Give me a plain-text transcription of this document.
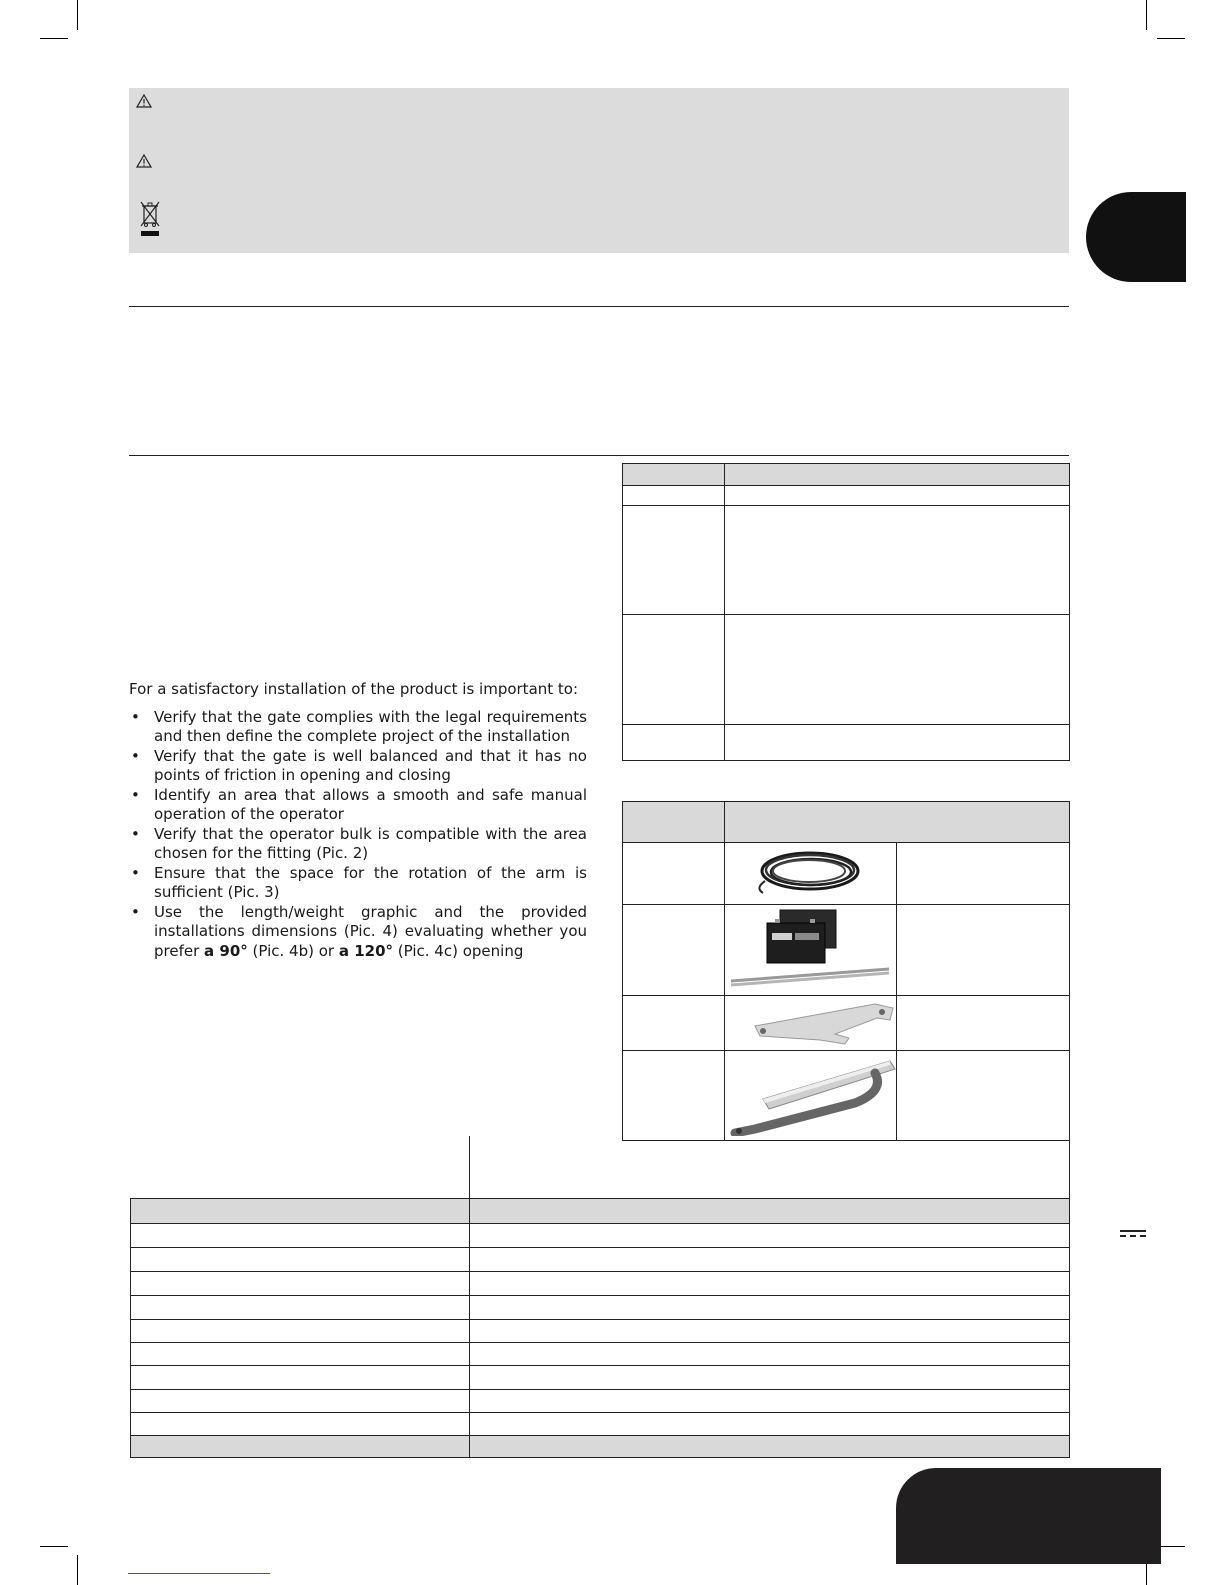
For a satisfactory installation of the product is important to:

• Verify that the gate complies with the legal requirements and then define the complete project of the installation
• Verify that the gate is well balanced and that it has no points of friction in opening and closing
• Identify an area that allows a smooth and safe manual operation of the operator
• Verify that the operator bulk is compatible with the area chosen for the fitting (Pic. 2)
• Ensure that the space for the rotation of the arm is sufficient (Pic. 3)
• Use the length/weight graphic and the provided installations dimensions (Pic. 4) evaluating whether you prefer a 90° (Pic. 4b) or a 120° (Pic. 4c) opening
